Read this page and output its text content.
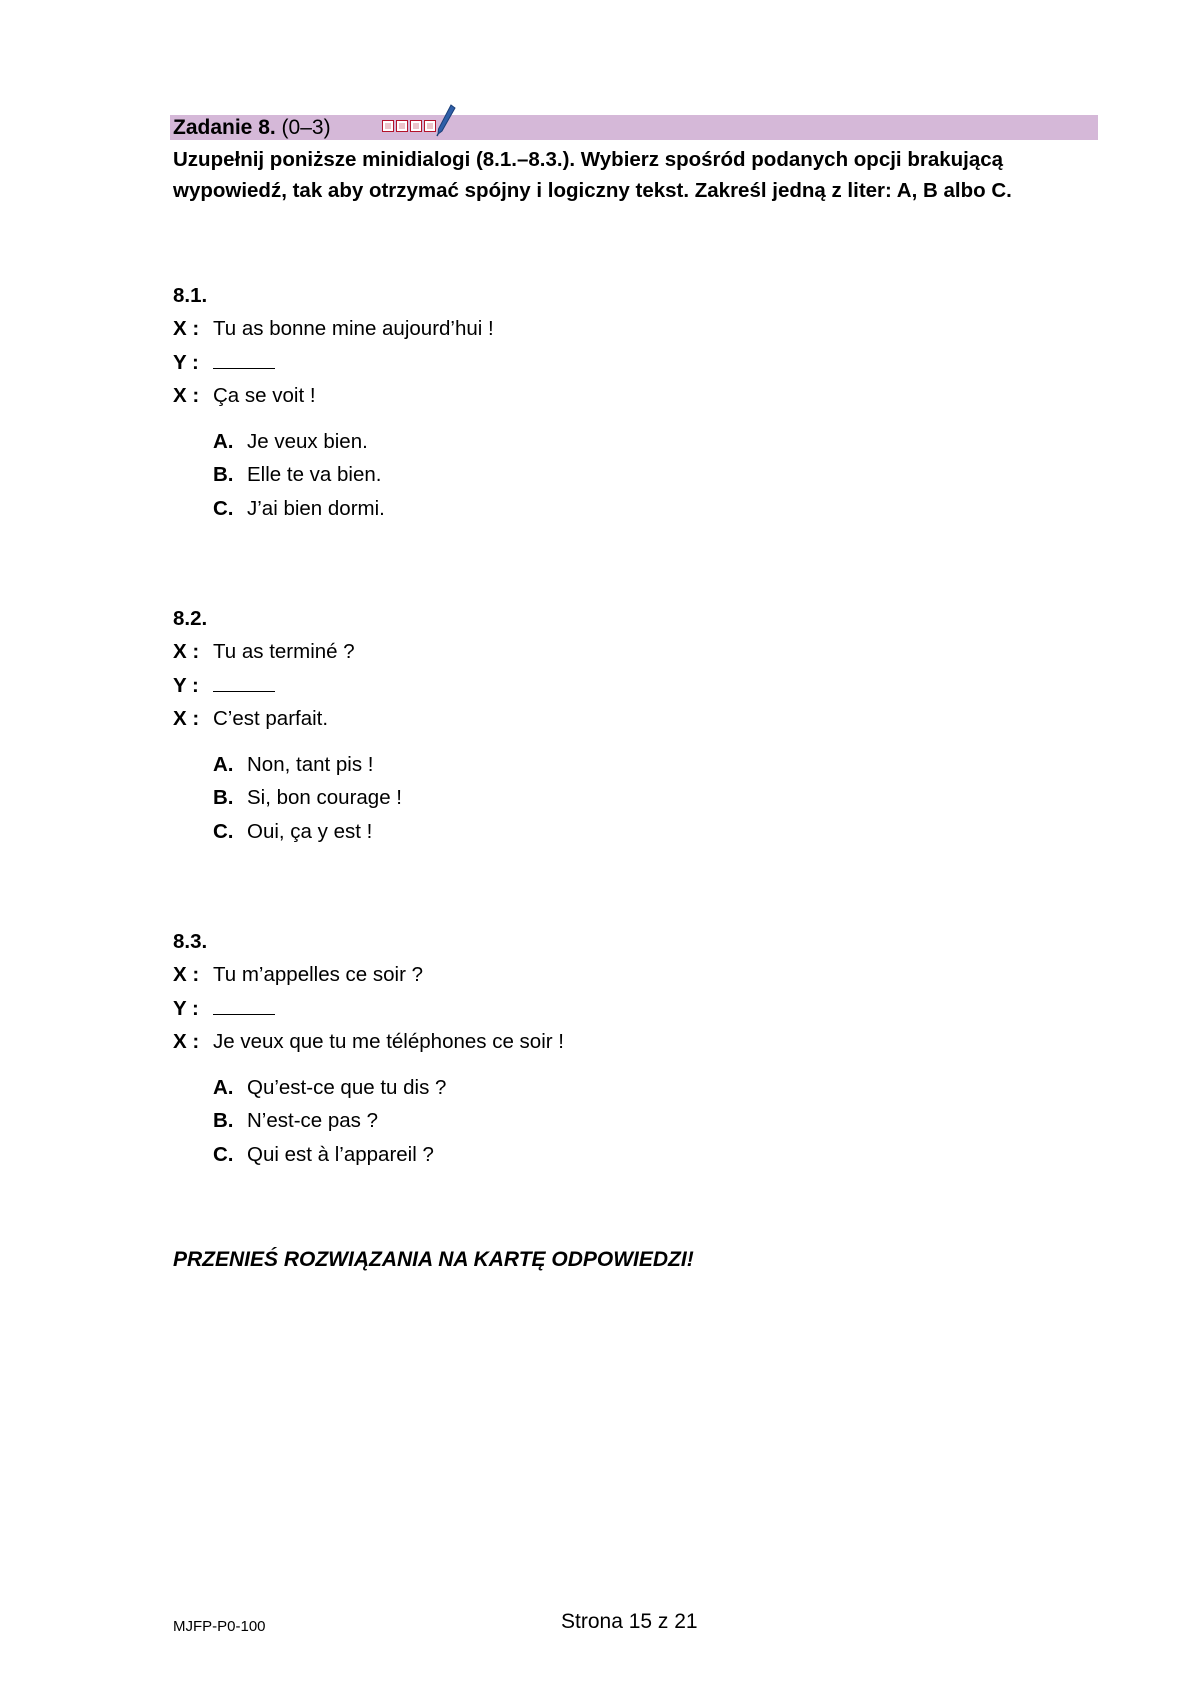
Zadanie 8. (0–3)
Uzupełnij poniższe minidialogi (8.1.–8.3.). Wybierz spośród podanych opcji brakującą wypowiedź, tak aby otrzymać spójny i logiczny tekst. Zakreśl jedną z liter: A, B albo C.
8.1.
X : Tu as bonne mine aujourd’hui !
Y :
X : Ça se voit !
A. Je veux bien.
B. Elle te va bien.
C. J’ai bien dormi.
8.2.
X : Tu as terminé ?
Y :
X : C’est parfait.
A. Non, tant pis !
B. Si, bon courage !
C. Oui, ça y est !
8.3.
X : Tu m’appelles ce soir ?
Y :
X : Je veux que tu me téléphones ce soir !
A. Qu’est-ce que tu dis ?
B. N’est-ce pas ?
C. Qui est à l’appareil ?
PRZENIEŚ ROZWIĄZANIA NA KARTĘ ODPOWIEDZI!
MJFP-P0-100	Strona 15 z 21
